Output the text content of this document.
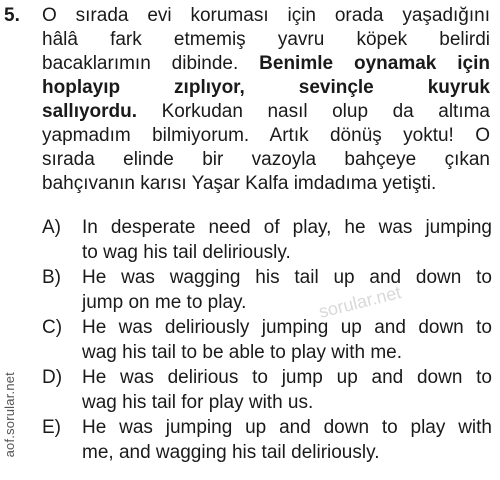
5. O sırada evi koruması için orada yaşadığını
hâlâ fark etmemiş yavru köpek belirdi
bacaklarımın dibinde. Benimle oynamak için
hoplayıp zıplıyor, sevinçle kuyruk
sallıyordu. Korkudan nasıl olup da altıma
yapmadım bilmiyorum. Artık dönüş yoktu! O
sırada elinde bir vazoyla bahçeye çıkan
bahçıvanın karısı Yaşar Kalfa imdadıma yetişti.
A) In desperate need of play, he was jumping
to wag his tail deliriously.
B) He was wagging his tail up and down to
jump on me to play.
C) He was deliriously jumping up and down to
wag his tail to be able to play with me.
D) He was delirious to jump up and down to
wag his tail for play with us.
E) He was jumping up and down to play with
me, and wagging his tail deliriously.
sorular.net
aof.sorular.net
